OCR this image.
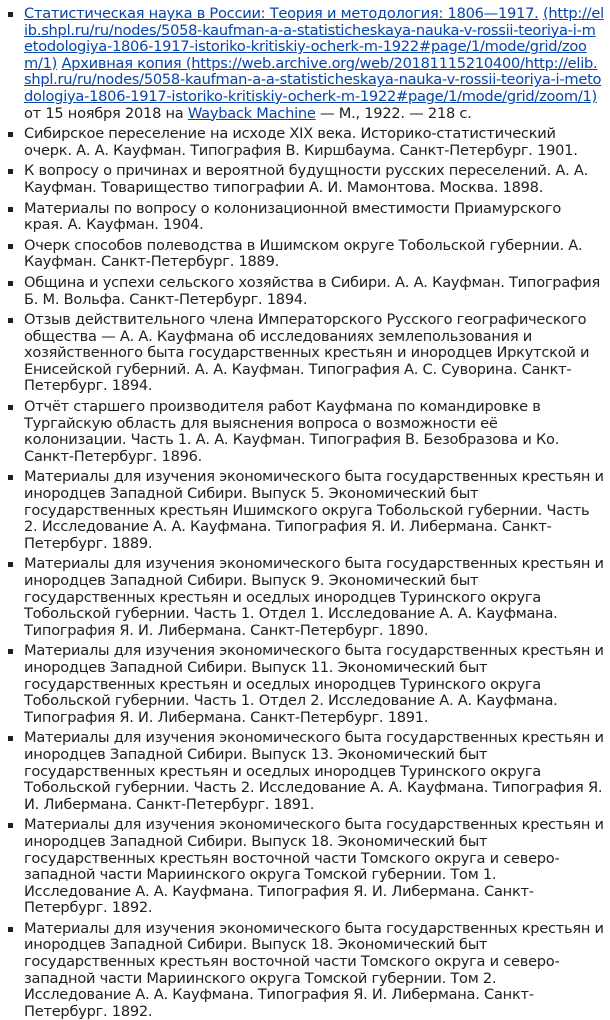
Статистическая наука в России: Теория и методология: 1806—1917. (http://elib.shpl.ru/ru/nodes/5058-kaufman-a-a-statisticheskaya-nauka-v-rossii-teoriya-i-metodologiya-1806-1917-istoriko-kritiskiy-ocherk-m-1922#page/1/mode/grid/zoom/1) Архивная копия (https://web.archive.org/web/20181115210400/http://elib.shpl.ru/ru/nodes/5058-kaufman-a-a-statisticheskaya-nauka-v-rossii-teoriya-i-metodologiya-1806-1917-istoriko-kritiskiy-ocherk-m-1922#page/1/mode/grid/zoom/1) от 15 ноября 2018 на Wayback Machine — М., 1922. — 218 с.
Сибирское переселение на исходе XIX века. Историко-статистический очерк. А. А. Кауфман. Типография В. Киршбаума. Санкт-Петербург. 1901.
К вопросу о причинах и вероятной будущности русских переселений. А. А. Кауфман. Товарищество типографии А. И. Мамонтова. Москва. 1898.
Материалы по вопросу о колонизационной вместимости Приамурского края. А. Кауфман. 1904.
Очерк способов полеводства в Ишимском округе Тобольской губернии. А. Кауфман. Санкт-Петербург. 1889.
Община и успехи сельского хозяйства в Сибири. А. А. Кауфман. Типография Б. М. Вольфа. Санкт-Петербург. 1894.
Отзыв действительного члена Императорского Русского географического общества — А. А. Кауфмана об исследованиях землепользования и хозяйственного быта государственных крестьян и инородцев Иркутской и Енисейской губерний. А. А. Кауфман. Типография А. С. Суворина. Санкт-Петербург. 1894.
Отчёт старшего производителя работ Кауфмана по командировке в Тургайскую область для выяснения вопроса о возможности её колонизации. Часть 1. А. А. Кауфман. Типография В. Безобразова и Ко. Санкт-Петербург. 1896.
Материалы для изучения экономического быта государственных крестьян и инородцев Западной Сибири. Выпуск 5. Экономический быт государственных крестьян Ишимского округа Тобольской губернии. Часть 2. Исследование А. А. Кауфмана. Типография Я. И. Либермана. Санкт-Петербург. 1889.
Материалы для изучения экономического быта государственных крестьян и инородцев Западной Сибири. Выпуск 9. Экономический быт государственных крестьян и оседлых инородцев Туринского округа Тобольской губернии. Часть 1. Отдел 1. Исследование А. А. Кауфмана. Типография Я. И. Либермана. Санкт-Петербург. 1890.
Материалы для изучения экономического быта государственных крестьян и инородцев Западной Сибири. Выпуск 11. Экономический быт государственных крестьян и оседлых инородцев Туринского округа Тобольской губернии. Часть 1. Отдел 2. Исследование А. А. Кауфмана. Типография Я. И. Либермана. Санкт-Петербург. 1891.
Материалы для изучения экономического быта государственных крестьян и инородцев Западной Сибири. Выпуск 13. Экономический быт государственных крестьян и оседлых инородцев Туринского округа Тобольской губернии. Часть 2. Исследование А. А. Кауфмана. Типография Я. И. Либермана. Санкт-Петербург. 1891.
Материалы для изучения экономического быта государственных крестьян и инородцев Западной Сибири. Выпуск 18. Экономический быт государственных крестьян восточной части Томского округа и северо-западной части Мариинского округа Томской губернии. Том 1. Исследование А. А. Кауфмана. Типография Я. И. Либермана. Санкт-Петербург. 1892.
Материалы для изучения экономического быта государственных крестьян и инородцев Западной Сибири. Выпуск 18. Экономический быт государственных крестьян восточной части Томского округа и северо-западной части Мариинского округа Томской губернии. Том 2. Исследование А. А. Кауфмана. Типография Я. И. Либермана. Санкт-Петербург. 1892.
